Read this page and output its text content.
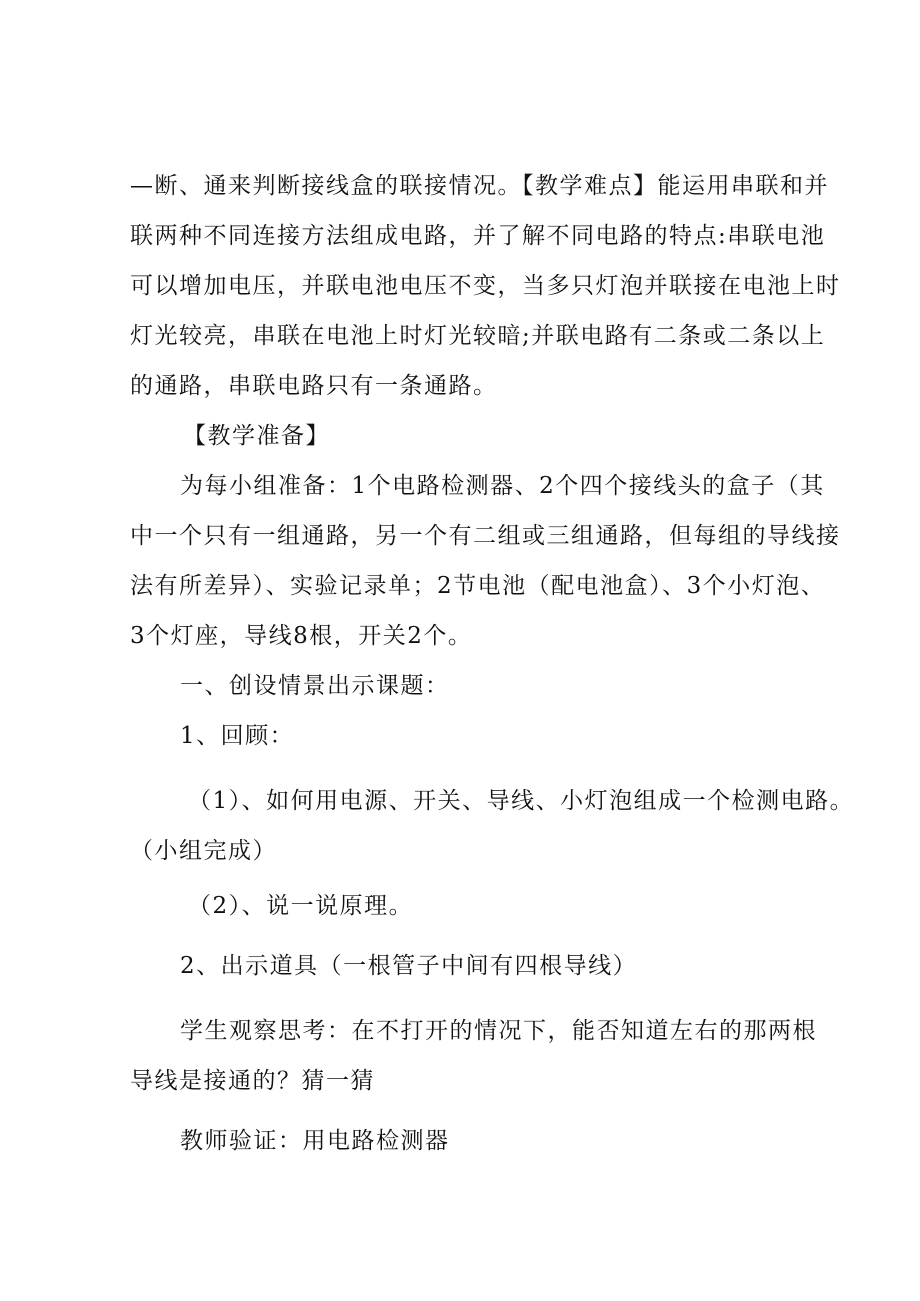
—断、通来判断接线盒的联接情况。【教学难点】能运用串联和并
联两种不同连接方法组成电路，并了解不同电路的特点:串联电池
可以增加电压，并联电池电压不变，当多只灯泡并联接在电池上时
灯光较亮，串联在电池上时灯光较暗;并联电路有二条或二条以上
的通路，串联电路只有一条通路。
【教学准备】
为每小组准备：1个电路检测器、2个四个接线头的盒子（其
中一个只有一组通路，另一个有二组或三组通路，但每组的导线接
法有所差异）、实验记录单；2节电池（配电池盒）、3个小灯泡、
3个灯座，导线8根，开关2个。
一、创设情景出示课题：
1、回顾：
（1）、如何用电源、开关、导线、小灯泡组成一个检测电路。
（小组完成）
（2）、说一说原理。
2、出示道具（一根管子中间有四根导线）
学生观察思考：在不打开的情况下，能否知道左右的那两根
导线是接通的？猜一猜
教师验证：用电路检测器
